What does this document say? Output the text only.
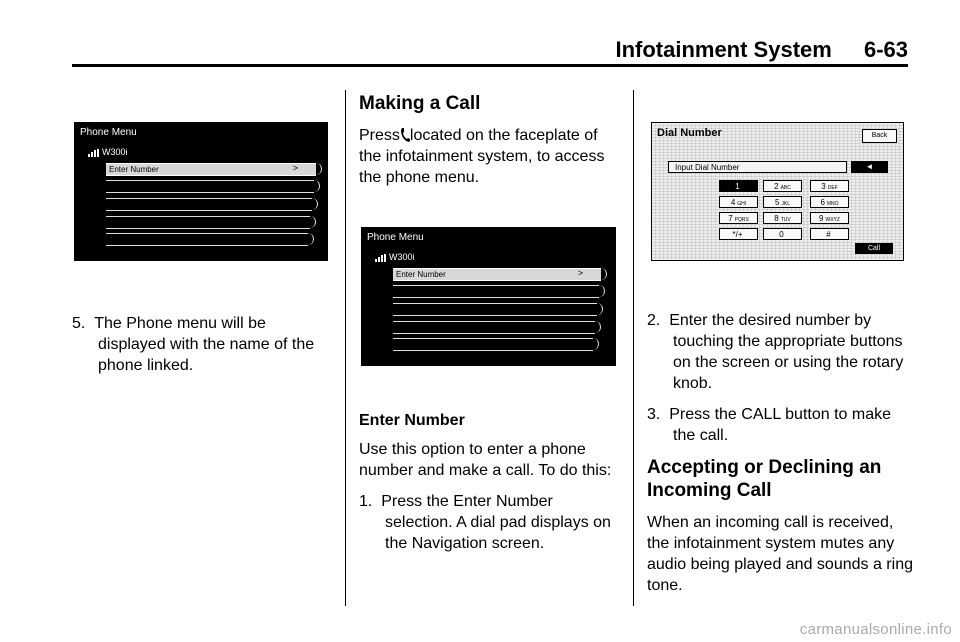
Infotainment System 6-63
Phone Menu
W300i
Enter Number	>

5. The Phone menu will be displayed with the name of the phone linked.

Making a Call

Press located on the faceplate of the infotainment system, to access the phone menu.

Phone Menu
W300i
Enter Number	>
Enter Number

Use this option to enter a phone number and make a call. To do this:

1. Press the Enter Number selection. A dial pad displays on the Navigation screen.

Dial Number	Back
Input Dial Number	◄
1	2 ABC	3 DEF
4 GHI	5 JKL	6 MNO
7 PQRS	8 TUV	9 WXYZ
*/+	0	#
Call

2. Enter the desired number by touching the appropriate buttons on the screen or using the rotary knob.

3. Press the CALL button to make the call.

Accepting or Declining an Incoming Call

When an incoming call is received, the infotainment system mutes any audio being played and sounds a ring tone.

carmanualsonline.info
